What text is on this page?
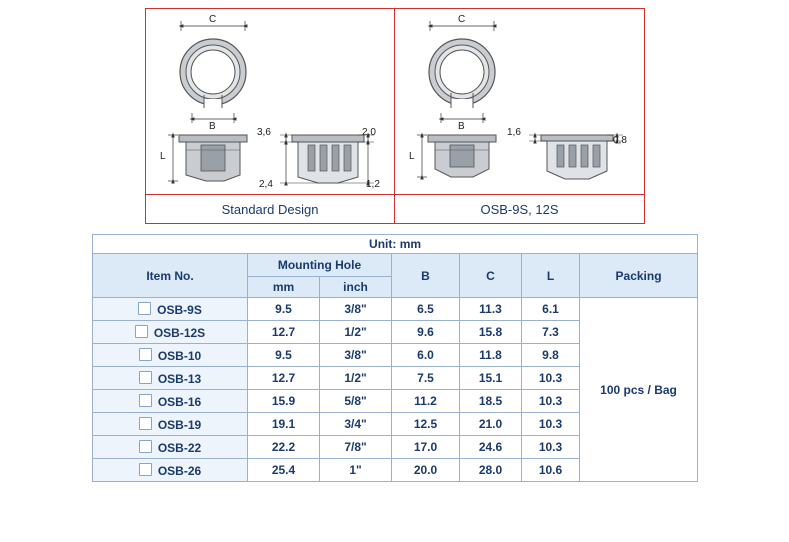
Standard Design
C
B
L
3,6
2,4
2,0
1,2
OSB-9S, 12S
C
B
L
1,6
0,8
Unit: mm						
Item No.	Mounting Hole		B	C	L	Packing
	mm	inch				
OSB-9S	9.5	3/8"	6.5	11.3	6.1	100 pcs / Bag
OSB-12S	12.7	1/2"	9.6	15.8	7.3	
OSB-10	9.5	3/8"	6.0	11.8	9.8	
OSB-13	12.7	1/2"	7.5	15.1	10.3	
OSB-16	15.9	5/8"	11.2	18.5	10.3	
OSB-19	19.1	3/4"	12.5	21.0	10.3	
OSB-22	22.2	7/8"	17.0	24.6	10.3	
OSB-26	25.4	1"	20.0	28.0	10.6	
